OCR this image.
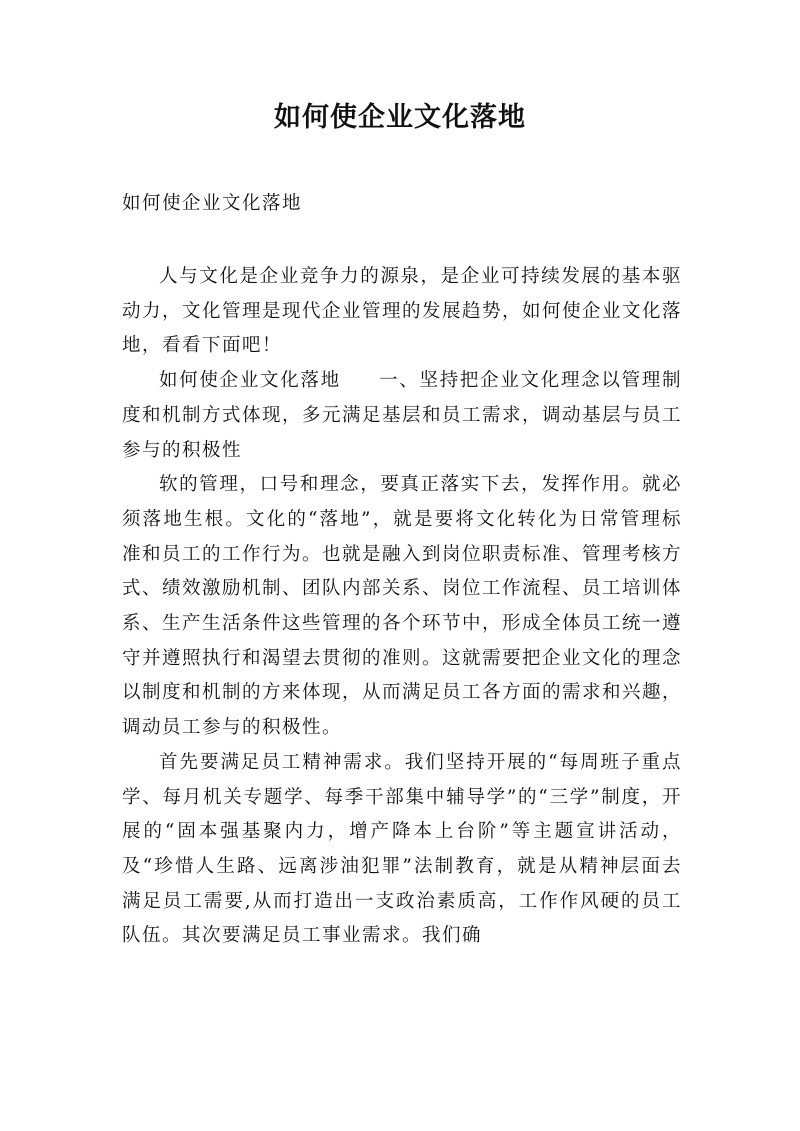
如何使企业文化落地

如何使企业文化落地

人与文化是企业竞争力的源泉，是企业可持续发展的基本驱动力，文化管理是现代企业管理的发展趋势，如何使企业文化落地，看看下面吧！

如何使企业文化落地 一、坚持把企业文化理念以管理制度和机制方式体现，多元满足基层和员工需求，调动基层与员工参与的积极性

软的管理，口号和理念，要真正落实下去，发挥作用。就必须落地生根。文化的“落地”，就是要将文化转化为日常管理标准和员工的工作行为。也就是融入到岗位职责标准、管理考核方式、绩效激励机制、团队内部关系、岗位工作流程、员工培训体系、生产生活条件这些管理的各个环节中，形成全体员工统一遵守并遵照执行和渴望去贯彻的准则。这就需要把企业文化的理念以制度和机制的方来体现，从而满足员工各方面的需求和兴趣，调动员工参与的积极性。

首先要满足员工精神需求。我们坚持开展的“每周班子重点学、每月机关专题学、每季干部集中辅导学”的“三学”制度，开展的“固本强基聚内力，增产降本上台阶”等主题宣讲活动，及“珍惜人生路、远离涉油犯罪”法制教育，就是从精神层面去满足员工需要,从而打造出一支政治素质高，工作作风硬的员工队伍。其次要满足员工事业需求。我们确
